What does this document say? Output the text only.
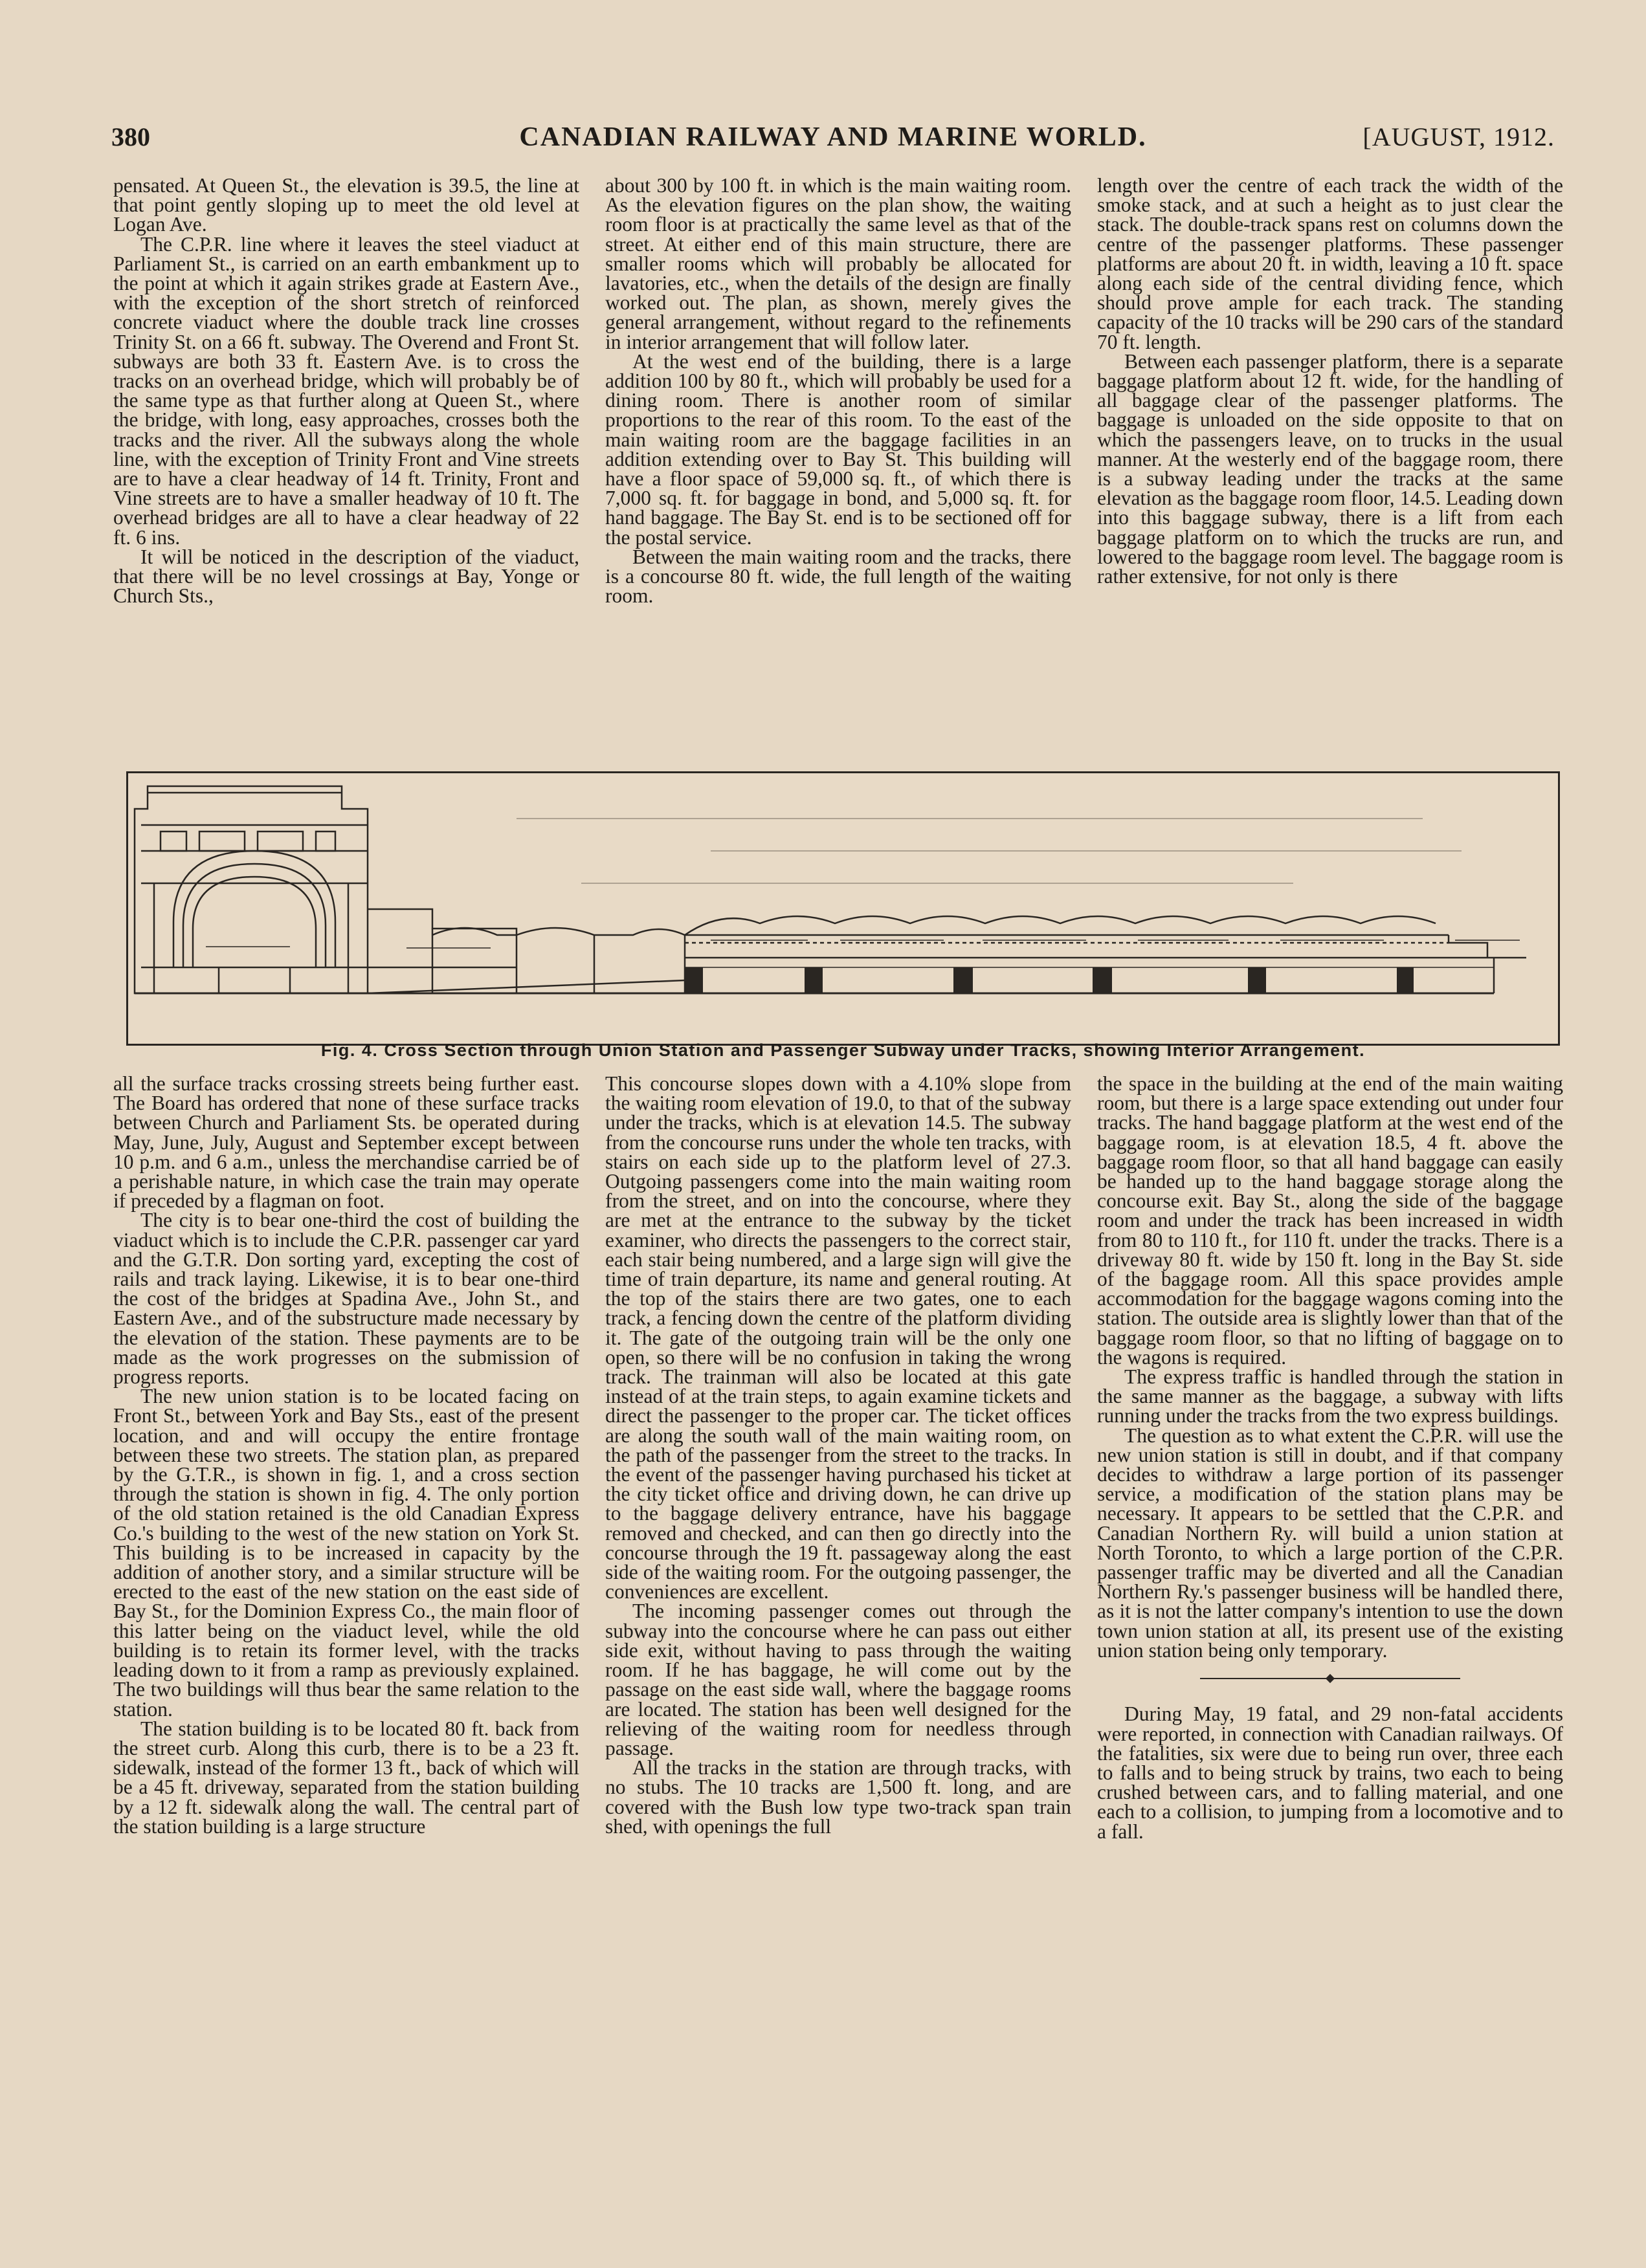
380	CANADIAN RAILWAY AND MARINE WORLD.	[AUGUST, 1912.

pensated. At Queen St., the elevation is 39.5, the line at that point gently sloping up to meet the old level at Logan Ave.

The C.P.R. line where it leaves the steel viaduct at Parliament St., is carried on an earth embankment up to the point at which it again strikes grade at Eastern Ave., with the exception of the short stretch of reinforced concrete viaduct where the double track line crosses Trinity St. on a 66 ft. subway. The Overend and Front St. subways are both 33 ft. Eastern Ave. is to cross the tracks on an overhead bridge, which will probably be of the same type as that further along at Queen St., where the bridge, with long, easy approaches, crosses both the tracks and the river. All the subways along the whole line, with the exception of Trinity Front and Vine streets are to have a clear headway of 14 ft. Trinity, Front and Vine streets are to have a smaller headway of 10 ft. The overhead bridges are all to have a clear headway of 22 ft. 6 ins.

It will be noticed in the description of the viaduct, that there will be no level crossings at Bay, Yonge or Church Sts.,

about 300 by 100 ft. in which is the main waiting room. As the elevation figures on the plan show, the waiting room floor is at practically the same level as that of the street. At either end of this main structure, there are smaller rooms which will probably be allocated for lavatories, etc., when the details of the design are finally worked out. The plan, as shown, merely gives the general arrangement, without regard to the refinements in interior arrangement that will follow later.

At the west end of the building, there is a large addition 100 by 80 ft., which will probably be used for a dining room. There is another room of similar proportions to the rear of this room. To the east of the main waiting room are the baggage facilities in an addition extending over to Bay St. This building will have a floor space of 59,000 sq. ft., of which there is 7,000 sq. ft. for baggage in bond, and 5,000 sq. ft. for hand baggage. The Bay St. end is to be sectioned off for the postal service.

Between the main waiting room and the tracks, there is a concourse 80 ft. wide, the full length of the waiting room.

length over the centre of each track the width of the smoke stack, and at such a height as to just clear the stack. The double-track spans rest on columns down the centre of the passenger platforms. These passenger platforms are about 20 ft. in width, leaving a 10 ft. space along each side of the central dividing fence, which should prove ample for each track. The standing capacity of the 10 tracks will be 290 cars of the standard 70 ft. length.

Between each passenger platform, there is a separate baggage platform about 12 ft. wide, for the handling of all baggage clear of the passenger platforms. The baggage is unloaded on the side opposite to that on which the passengers leave, on to trucks in the usual manner. At the westerly end of the baggage room, there is a subway leading under the tracks at the same elevation as the baggage room floor, 14.5. Leading down into this baggage subway, there is a lift from each baggage platform on to which the trucks are run, and lowered to the baggage room level. The baggage room is rather extensive, for not only is there

Fig. 4. Cross Section through Union Station and Passenger Subway under Tracks, showing Interior Arrangement.

all the surface tracks crossing streets being further east. The Board has ordered that none of these surface tracks between Church and Parliament Sts. be operated during May, June, July, August and September except between 10 p.m. and 6 a.m., unless the merchandise carried be of a perishable nature, in which case the train may operate if preceded by a flagman on foot.

The city is to bear one-third the cost of building the viaduct which is to include the C.P.R. passenger car yard and the G.T.R. Don sorting yard, excepting the cost of rails and track laying. Likewise, it is to bear one-third the cost of the bridges at Spadina Ave., John St., and Eastern Ave., and of the substructure made necessary by the elevation of the station. These payments are to be made as the work progresses on the submission of progress reports.

The new union station is to be located facing on Front St., between York and Bay Sts., east of the present location, and and will occupy the entire frontage between these two streets. The station plan, as prepared by the G.T.R., is shown in fig. 1, and a cross section through the station is shown in fig. 4. The only portion of the old station retained is the old Canadian Express Co.'s building to the west of the new station on York St. This building is to be increased in capacity by the addition of another story, and a similar structure will be erected to the east of the new station on the east side of Bay St., for the Dominion Express Co., the main floor of this latter being on the viaduct level, while the old building is to retain its former level, with the tracks leading down to it from a ramp as previously explained. The two buildings will thus bear the same relation to the station.

The station building is to be located 80 ft. back from the street curb. Along this curb, there is to be a 23 ft. sidewalk, instead of the former 13 ft., back of which will be a 45 ft. driveway, separated from the station building by a 12 ft. sidewalk along the wall. The central part of the station building is a large structure

This concourse slopes down with a 4.10% slope from the waiting room elevation of 19.0, to that of the subway under the tracks, which is at elevation 14.5. The subway from the concourse runs under the whole ten tracks, with stairs on each side up to the platform level of 27.3. Outgoing passengers come into the main waiting room from the street, and on into the concourse, where they are met at the entrance to the subway by the ticket examiner, who directs the passengers to the correct stair, each stair being numbered, and a large sign will give the time of train departure, its name and general routing. At the top of the stairs there are two gates, one to each track, a fencing down the centre of the platform dividing it. The gate of the outgoing train will be the only one open, so there will be no confusion in taking the wrong track. The trainman will also be located at this gate instead of at the train steps, to again examine tickets and direct the passenger to the proper car. The ticket offices are along the south wall of the main waiting room, on the path of the passenger from the street to the tracks. In the event of the passenger having purchased his ticket at the city ticket office and driving down, he can drive up to the baggage delivery entrance, have his baggage removed and checked, and can then go directly into the concourse through the 19 ft. passageway along the east side of the waiting room. For the outgoing passenger, the conveniences are excellent.

The incoming passenger comes out through the subway into the concourse where he can pass out either side exit, without having to pass through the waiting room. If he has baggage, he will come out by the passage on the east side wall, where the baggage rooms are located. The station has been well designed for the relieving of the waiting room for needless through passage.

All the tracks in the station are through tracks, with no stubs. The 10 tracks are 1,500 ft. long, and are covered with the Bush low type two-track span train shed, with openings the full

the space in the building at the end of the main waiting room, but there is a large space extending out under four tracks. The hand baggage platform at the west end of the baggage room, is at elevation 18.5, 4 ft. above the baggage room floor, so that all hand baggage can easily be handed up to the hand baggage storage along the concourse exit. Bay St., along the side of the baggage room and under the track has been increased in width from 80 to 110 ft., for 110 ft. under the tracks. There is a driveway 80 ft. wide by 150 ft. long in the Bay St. side of the baggage room. All this space provides ample accommodation for the baggage wagons coming into the station. The outside area is slightly lower than that of the baggage room floor, so that no lifting of baggage on to the wagons is required.

The express traffic is handled through the station in the same manner as the baggage, a subway with lifts running under the tracks from the two express buildings.

The question as to what extent the C.P.R. will use the new union station is still in doubt, and if that company decides to withdraw a large portion of its passenger service, a modification of the station plans may be necessary. It appears to be settled that the C.P.R. and Canadian Northern Ry. will build a union station at North Toronto, to which a large portion of the C.P.R. passenger traffic may be diverted and all the Canadian Northern Ry.'s passenger business will be handled there, as it is not the latter company's intention to use the down town union station at all, its present use of the existing union station being only temporary.

During May, 19 fatal, and 29 non-fatal accidents were reported, in connection with Canadian railways. Of the fatalities, six were due to being run over, three each to falls and to being struck by trains, two each to being crushed between cars, and to falling material, and one each to a collision, to jumping from a locomotive and to a fall.
